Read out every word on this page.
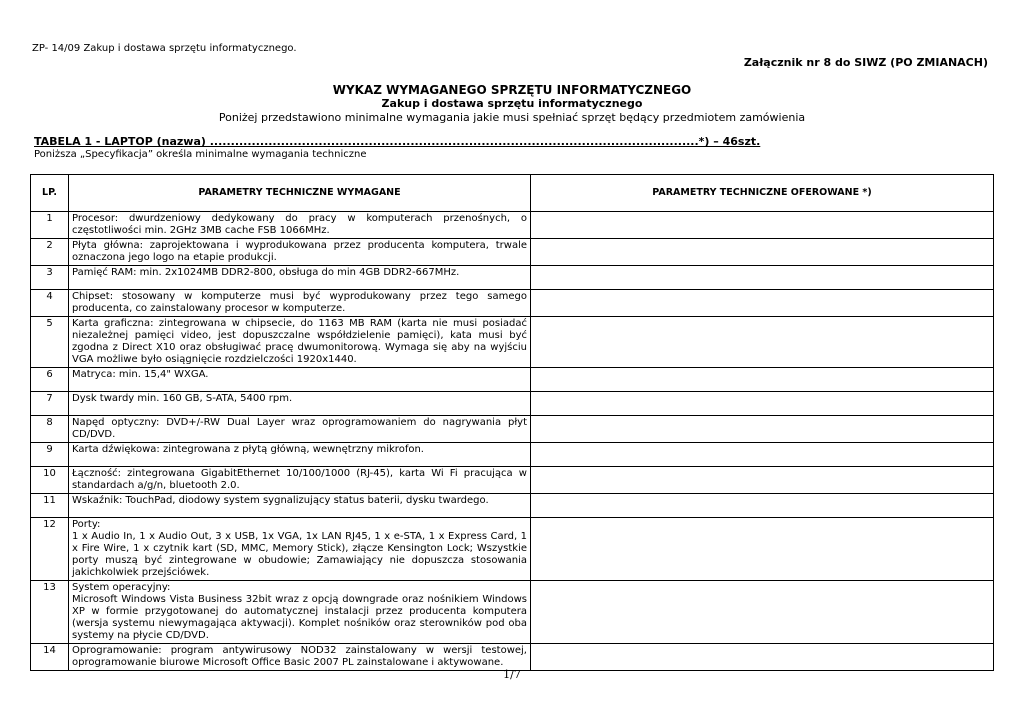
ZP- 14/09 Zakup i dostawa sprzętu informatycznego.
Załącznik nr 8 do SIWZ (PO ZMIANACH)
WYKAZ WYMAGANEGO SPRZĘTU INFORMATYCZNEGO
Zakup i dostawa sprzętu informatycznego
Poniżej przedstawiono minimalne wymagania jakie musi spełniać sprzęt będący przedmiotem zamówienia
TABELA 1 - LAPTOP (nazwa) .....................................................................................................................*) – 46szt.
Poniższa „Specyfikacja” określa minimalne wymagania techniczne
LP.	PARAMETRY TECHNICZNE WYMAGANE	PARAMETRY TECHNICZNE OFEROWANE *)
1	Procesor: dwurdzeniowy dedykowany do pracy w komputerach przenośnych, o częstotliwości min. 2GHz 3MB cache FSB 1066MHz.	
2	Płyta główna: zaprojektowana i wyprodukowana przez producenta komputera, trwale oznaczona jego logo na etapie produkcji.	
3	Pamięć RAM: min. 2x1024MB DDR2-800, obsługa do min 4GB DDR2-667MHz.	
4	Chipset: stosowany w komputerze musi być wyprodukowany przez tego samego producenta, co zainstalowany procesor w komputerze.	
5	Karta graficzna: zintegrowana w chipsecie, do 1163 MB RAM (karta nie musi posiadać niezależnej pamięci video, jest dopuszczalne współdzielenie pamięci), kata musi być zgodna z Direct X10 oraz obsługiwać pracę dwumonitorową. Wymaga się aby na wyjściu VGA możliwe było osiągnięcie rozdzielczości 1920x1440.	
6	Matryca: min. 15,4" WXGA.	
7	Dysk twardy min. 160 GB, S-ATA, 5400 rpm.	
8	Napęd optyczny: DVD+/-RW Dual Layer wraz oprogramowaniem do nagrywania płyt CD/DVD.	
9	Karta dźwiękowa: zintegrowana z płytą główną, wewnętrzny mikrofon.	
10	Łączność: zintegrowana GigabitEthernet 10/100/1000 (RJ-45), karta Wi Fi pracująca w standardach a/g/n, bluetooth 2.0.	
11	Wskaźnik: TouchPad, diodowy system sygnalizujący status baterii, dysku twardego.	
12	Porty:
1 x Audio In, 1 x Audio Out, 3 x USB, 1x VGA, 1x LAN RJ45, 1 x e-STA, 1 x Express Card, 1 x Fire Wire, 1 x czytnik kart (SD, MMC, Memory Stick), złącze Kensington Lock; Wszystkie porty muszą być zintegrowane w obudowie; Zamawiający nie dopuszcza stosowania jakichkolwiek przejściówek.	
13	System operacyjny:
Microsoft Windows Vista Business 32bit wraz z opcją downgrade oraz nośnikiem Windows XP w formie przygotowanej do automatycznej instalacji przez producenta komputera (wersja systemu niewymagająca aktywacji). Komplet nośników oraz sterowników pod oba systemy na płycie CD/DVD.	
14	Oprogramowanie: program antywirusowy NOD32 zainstalowany w wersji testowej, oprogramowanie biurowe Microsoft Office Basic 2007 PL zainstalowane i aktywowane.	
1/7
